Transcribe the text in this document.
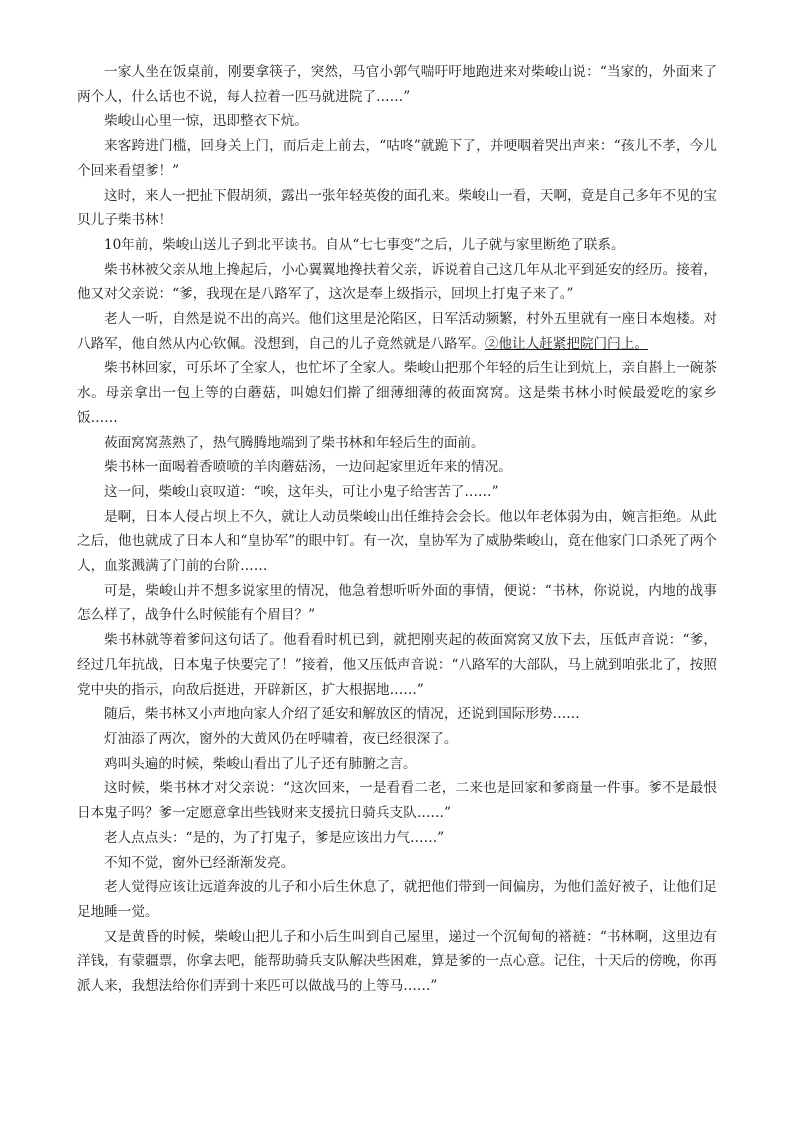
一家人坐在饭桌前，刚要拿筷子，突然，马官小郭气喘吁吁地跑进来对柴峻山说：“当家的，外面来了两个人，什么话也不说，每人拉着一匹马就进院了……”

柴峻山心里一惊，迅即整衣下炕。

来客跨进门槛，回身关上门，而后走上前去，“咕咚”就跪下了，并哽咽着哭出声来：“孩儿不孝，今儿个回来看望爹！”

这时，来人一把扯下假胡须，露出一张年轻英俊的面孔来。柴峻山一看，天啊，竟是自己多年不见的宝贝儿子柴书林！

10年前，柴峻山送儿子到北平读书。自从“七七事变”之后，儿子就与家里断绝了联系。

柴书林被父亲从地上搀起后，小心翼翼地搀扶着父亲，诉说着自己这几年从北平到延安的经历。接着，他又对父亲说：“爹，我现在是八路军了，这次是奉上级指示，回坝上打鬼子来了。”

老人一听，自然是说不出的高兴。他们这里是沦陷区，日军活动频繁，村外五里就有一座日本炮楼。对八路军，他自然从内心钦佩。没想到，自己的儿子竟然就是八路军。②他让人赶紧把院门闩上。

柴书林回家，可乐坏了全家人，也忙坏了全家人。柴峻山把那个年轻的后生让到炕上，亲自斟上一碗茶水。母亲拿出一包上等的白蘑菇，叫媳妇们擀了细薄细薄的莜面窝窝。这是柴书林小时候最爱吃的家乡饭……

莜面窝窝蒸熟了，热气腾腾地端到了柴书林和年轻后生的面前。

柴书林一面喝着香喷喷的羊肉蘑菇汤，一边问起家里近年来的情况。

这一问，柴峻山哀叹道：“唉，这年头，可让小鬼子给害苦了……”

是啊，日本人侵占坝上不久，就让人动员柴峻山出任维持会会长。他以年老体弱为由，婉言拒绝。从此之后，他也就成了日本人和“皇协军”的眼中钉。有一次，皇协军为了威胁柴峻山，竟在他家门口杀死了两个人，血浆溅满了门前的台阶……

可是，柴峻山并不想多说家里的情况，他急着想听听外面的事情，便说：“书林，你说说，内地的战事怎么样了，战争什么时候能有个眉目？”

柴书林就等着爹问这句话了。他看看时机已到，就把刚夹起的莜面窝窝又放下去，压低声音说：“爹，经过几年抗战，日本鬼子快要完了！”接着，他又压低声音说：“八路军的大部队，马上就到咱张北了，按照党中央的指示，向敌后挺进，开辟新区，扩大根据地……”

随后，柴书林又小声地向家人介绍了延安和解放区的情况，还说到国际形势……

灯油添了两次，窗外的大黄风仍在呼啸着，夜已经很深了。

鸡叫头遍的时候，柴峻山看出了儿子还有肺腑之言。

这时候，柴书林才对父亲说：“这次回来，一是看看二老，二来也是回家和爹商量一件事。爹不是最恨日本鬼子吗？爹一定愿意拿出些钱财来支援抗日骑兵支队……”

老人点点头：“是的，为了打鬼子，爹是应该出力气……”

不知不觉，窗外已经渐渐发亮。

老人觉得应该让远道奔波的儿子和小后生休息了，就把他们带到一间偏房，为他们盖好被子，让他们足足地睡一觉。

又是黄昏的时候，柴峻山把儿子和小后生叫到自己屋里，递过一个沉甸甸的褡裢：“书林啊，这里边有洋钱，有蒙疆票，你拿去吧，能帮助骑兵支队解决些困难，算是爹的一点心意。记住，十天后的傍晚，你再派人来，我想法给你们弄到十来匹可以做战马的上等马……”
